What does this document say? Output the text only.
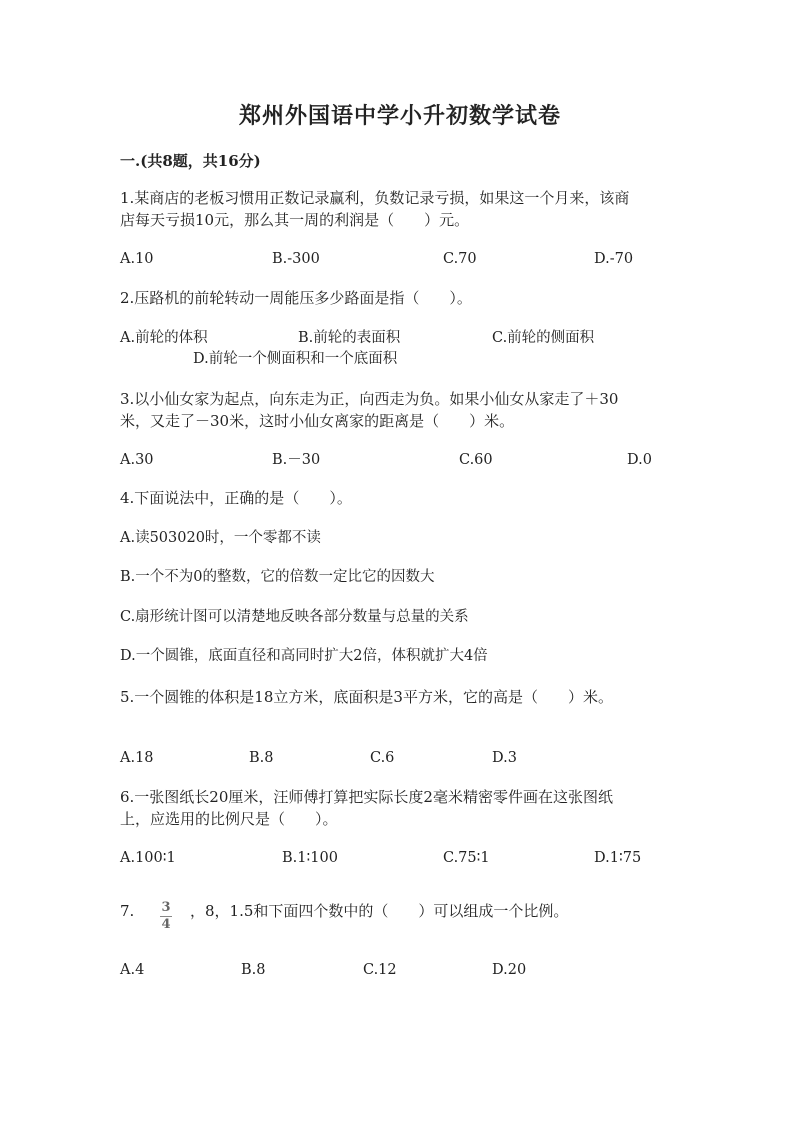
郑州外国语中学小升初数学试卷
一.(共8题，共16分)
1.某商店的老板习惯用正数记录赢利，负数记录亏损，如果这一个月来，该商
店每天亏损10元，那么其一周的利润是（　　）元。
A.10	B.-300	C.70	D.-70
2.压路机的前轮转动一周能压多少路面是指（　　）。
A.前轮的体积	B.前轮的表面积	C.前轮的侧面积
D.前轮一个侧面积和一个底面积
3.以小仙女家为起点，向东走为正，向西走为负。如果小仙女从家走了＋30
米，又走了－30米，这时小仙女离家的距离是（　　）米。
A.30	B.－30	C.60	D.0
4.下面说法中，正确的是（　　）。
A.读503020时，一个零都不读
B.一个不为0的整数，它的倍数一定比它的因数大
C.扇形统计图可以清楚地反映各部分数量与总量的关系
D.一个圆锥，底面直径和高同时扩大2倍，体积就扩大4倍
5.一个圆锥的体积是18立方米，底面积是3平方米，它的高是（　　）米。
A.18	B.8	C.6	D.3
6.一张图纸长20厘米，汪师傅打算把实际长度2毫米精密零件画在这张图纸
上，应选用的比例尺是（　　）。
A.100∶1	B.1∶100	C.75∶1	D.1∶75
7. $\frac{3}{4}$ ，8，1.5和下面四个数中的（　　）可以组成一个比例。
A.4	B.8	C.12	D.20
